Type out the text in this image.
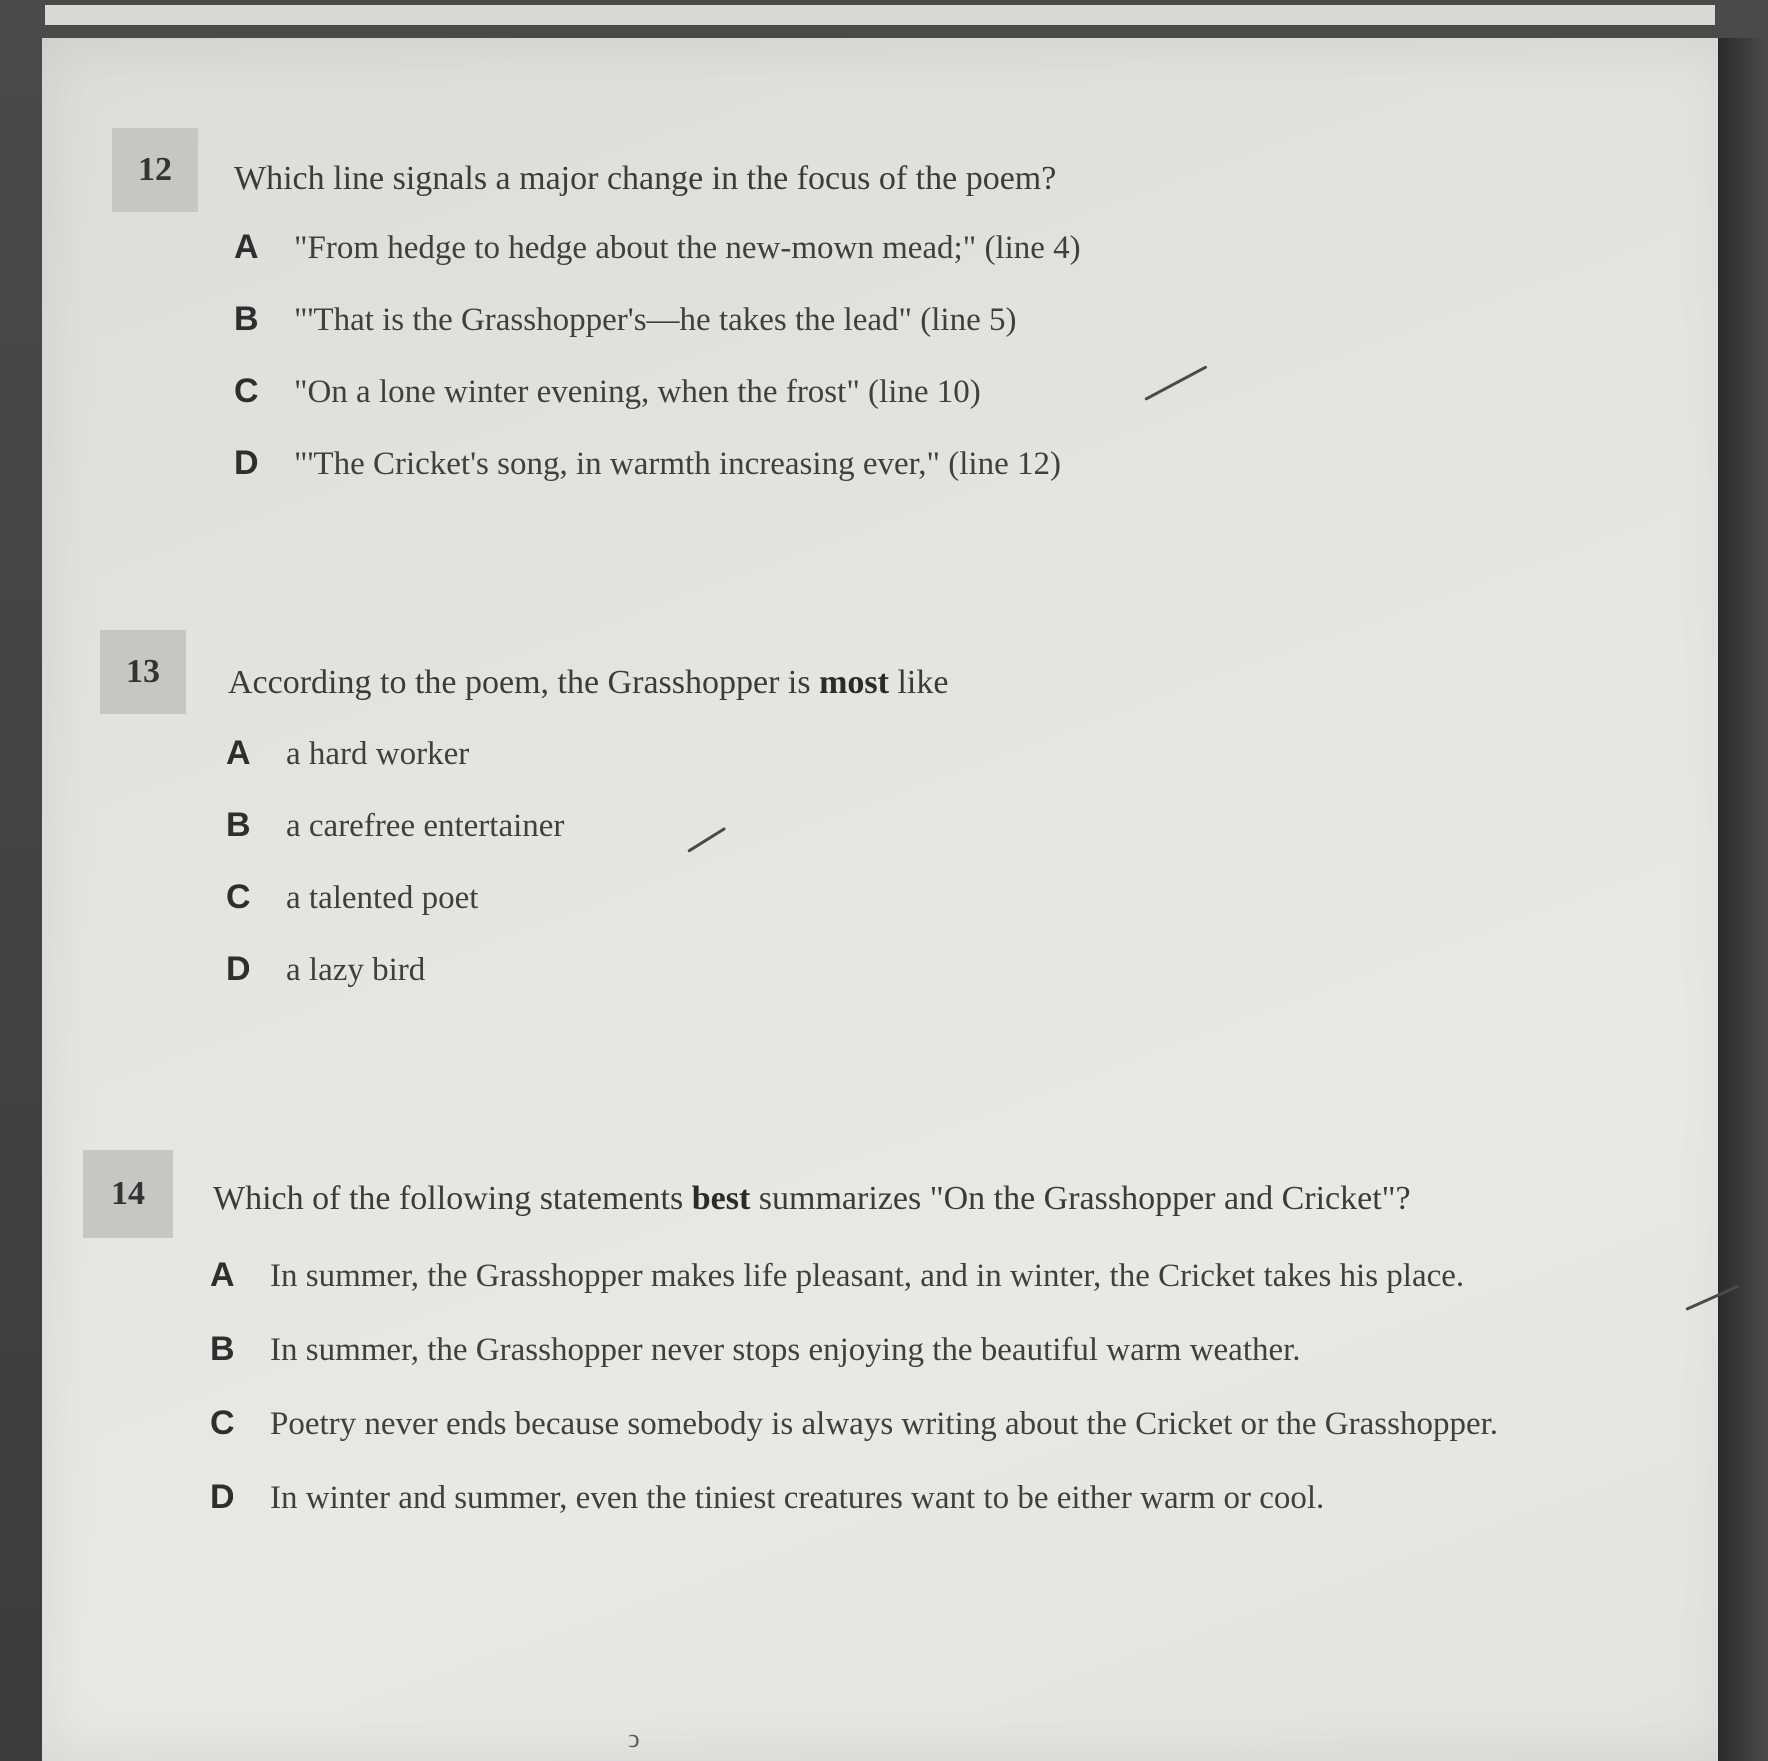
12	Which line signals a major change in the focus of the poem?
A "From hedge to hedge about the new-mown mead;" (line 4)
B "'That is the Grasshopper's—he takes the lead" (line 5)
C "On a lone winter evening, when the frost" (line 10)
D "'The Cricket's song, in warmth increasing ever," (line 12)
13	According to the poem, the Grasshopper is most like
A a hard worker
B a carefree entertainer
C a talented poet
D a lazy bird
14	Which of the following statements best summarizes "On the Grasshopper and Cricket"?
A In summer, the Grasshopper makes life pleasant, and in winter, the Cricket takes his place.
B In summer, the Grasshopper never stops enjoying the beautiful warm weather.
C Poetry never ends because somebody is always writing about the Cricket or the Grasshopper.
D In winter and summer, even the tiniest creatures want to be either warm or cool.
ↄ
